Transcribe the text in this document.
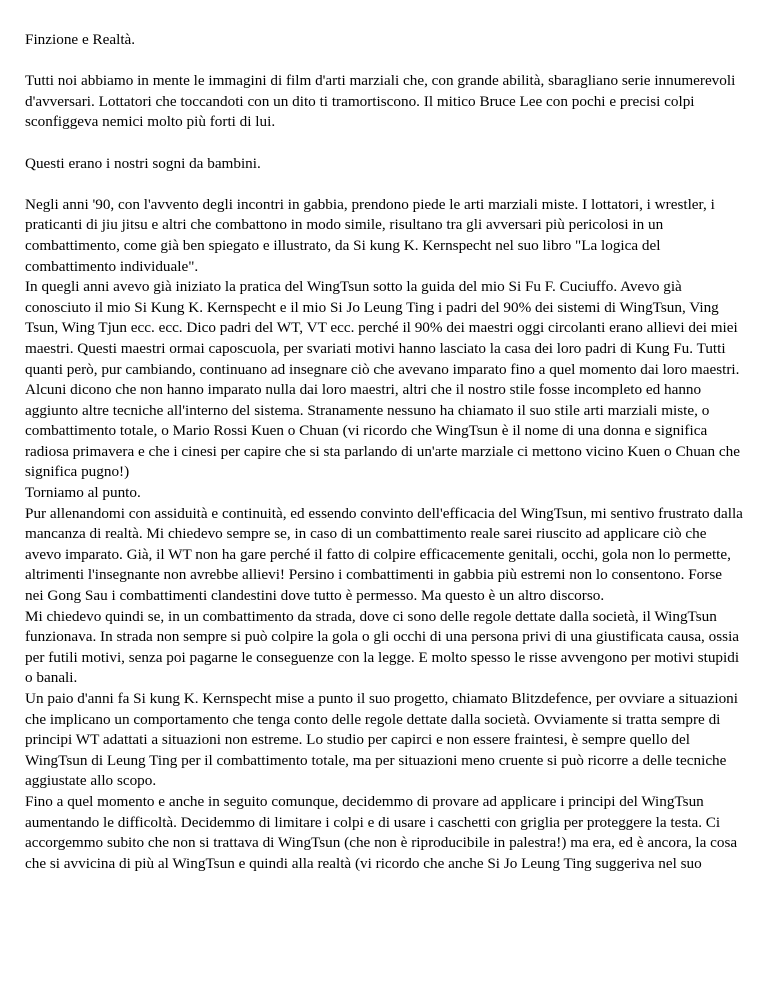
Finzione e Realtà.

Tutti noi abbiamo in mente le immagini di film d'arti marziali che, con grande abilità, sbaragliano serie innumerevoli d'avversari. Lottatori che toccandoti con un dito ti tramortiscono. Il mitico Bruce Lee con pochi e precisi colpi sconfiggeva nemici molto più forti di lui.

Questi erano i nostri sogni da bambini.

Negli anni '90, con l'avvento degli incontri in gabbia, prendono piede le arti marziali miste. I lottatori, i wrestler, i praticanti di jiu jitsu e altri che combattono in modo simile, risultano tra gli avversari più pericolosi in un combattimento, come già ben spiegato e illustrato, da Si kung K. Kernspecht nel suo libro "La logica del combattimento individuale".

In quegli anni avevo già iniziato la pratica del WingTsun sotto la guida del mio Si Fu F. Cuciuffo. Avevo già conosciuto il mio Si Kung K. Kernspecht e il mio Si Jo Leung Ting i padri del 90% dei sistemi di WingTsun, Ving Tsun, Wing Tjun ecc. ecc. Dico padri del WT, VT ecc. perché il 90% dei maestri oggi circolanti erano allievi dei miei maestri. Questi maestri ormai caposcuola, per svariati motivi hanno lasciato la casa dei loro padri di Kung Fu. Tutti quanti però, pur cambiando, continuano ad insegnare ciò che avevano imparato fino a quel momento dai loro maestri. Alcuni dicono che non hanno imparato nulla dai loro maestri, altri che il nostro stile fosse incompleto ed hanno aggiunto altre tecniche all'interno del sistema. Stranamente nessuno ha chiamato il suo stile arti marziali miste, o combattimento totale, o Mario Rossi Kuen o Chuan (vi ricordo che WingTsun è il nome di una donna e significa radiosa primavera e che i cinesi per capire che si sta parlando di un'arte marziale ci mettono vicino Kuen o Chuan che significa pugno!)

Torniamo al punto.

Pur allenandomi con assiduità e continuità, ed essendo convinto dell'efficacia del WingTsun, mi sentivo frustrato dalla mancanza di realtà. Mi chiedevo sempre se, in caso di un combattimento reale sarei riuscito ad applicare ciò che avevo imparato. Già, il WT non ha gare perché il fatto di colpire efficacemente genitali, occhi, gola non lo permette, altrimenti l'insegnante non avrebbe allievi! Persino i combattimenti in gabbia più estremi non lo consentono. Forse nei Gong Sau i combattimenti clandestini dove tutto è permesso. Ma questo è un altro discorso.

Mi chiedevo quindi se, in un combattimento da strada, dove ci sono delle regole dettate dalla società, il WingTsun funzionava. In strada non sempre si può colpire la gola o gli occhi di una persona privi di una giustificata causa, ossia per futili motivi, senza poi pagarne le conseguenze con la legge. E molto spesso le risse avvengono per motivi stupidi o banali.

Un paio d'anni fa Si kung K. Kernspecht mise a punto il suo progetto, chiamato Blitzdefence, per ovviare a situazioni che implicano un comportamento che tenga conto delle regole dettate dalla società. Ovviamente si tratta sempre di principi WT adattati a situazioni non estreme. Lo studio per capirci e non essere fraintesi, è sempre quello del WingTsun di Leung Ting per il combattimento totale, ma per situazioni meno cruente si può ricorre a delle tecniche aggiustate allo scopo.

Fino a quel momento e anche in seguito comunque, decidemmo di provare ad applicare i principi del WingTsun aumentando le difficoltà. Decidemmo di limitare i colpi e di usare i caschetti con griglia per proteggere la testa. Ci accorgemmo subito che non si trattava di WingTsun (che non è riproducibile in palestra!) ma era, ed è ancora, la cosa che si avvicina di più al WingTsun e quindi alla realtà (vi ricordo che anche Si Jo Leung Ting suggeriva nel suo
